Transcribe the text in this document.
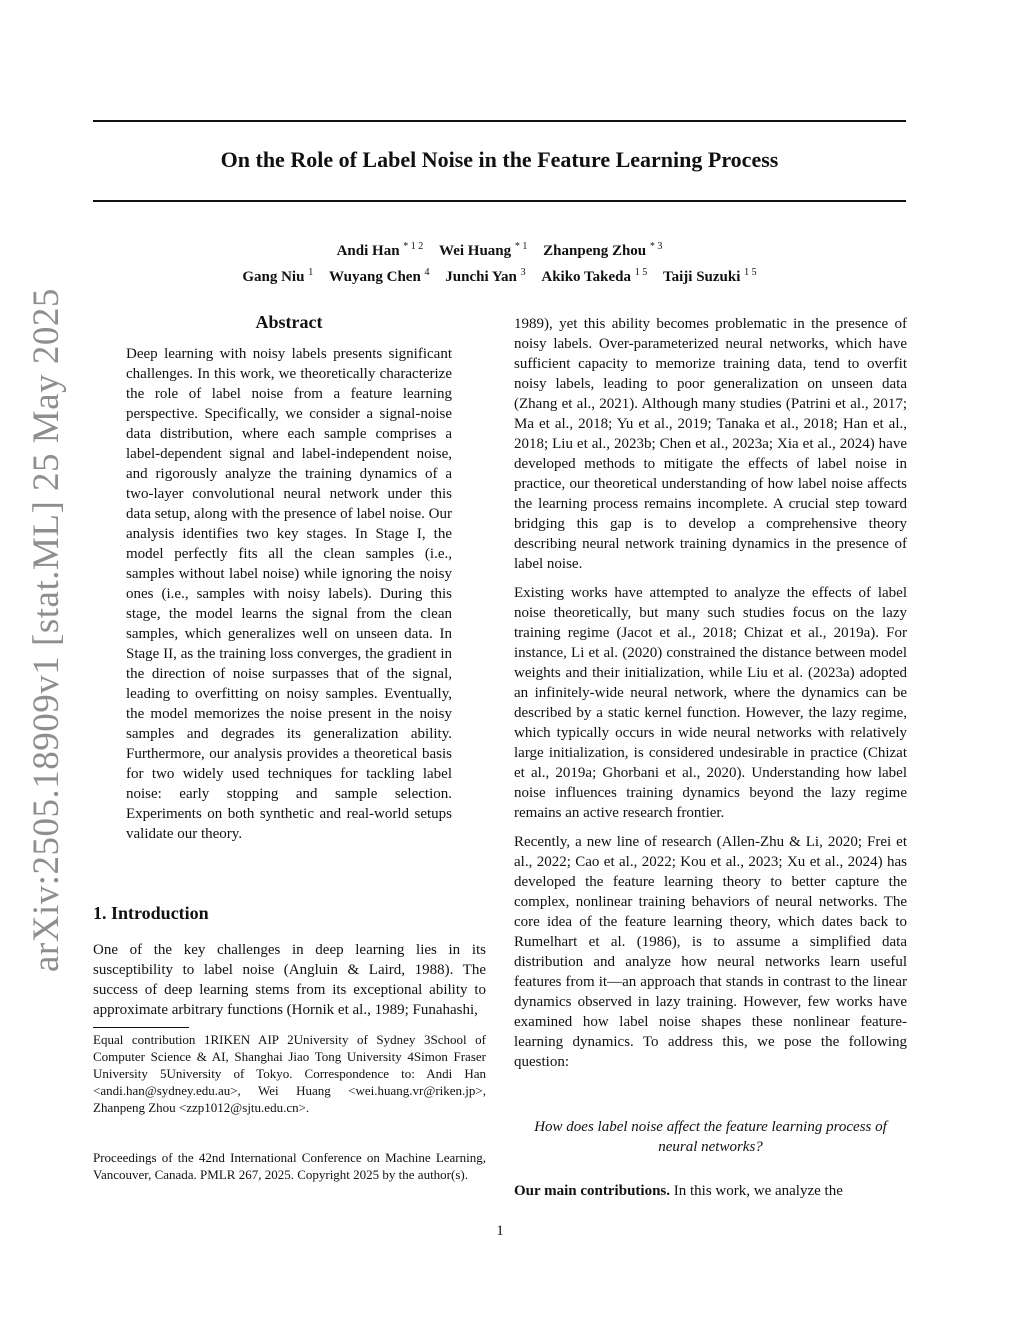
arXiv:2505.18909v1 [stat.ML] 25 May 2025
On the Role of Label Noise in the Feature Learning Process
Andi Han $^{* 1 2}$ Wei Huang $^{* 1}$ Zhanpeng Zhou $^{* 3}$
Gang Niu $^1$ Wuyang Chen $^4$ Junchi Yan $^3$ Akiko Takeda $^{1 5}$ Taiji Suzuki $^{1 5}$
Abstract

Deep learning with noisy labels presents significant challenges. In this work, we theoretically characterize the role of label noise from a feature learning perspective. Specifically, we consider a signal-noise data distribution, where each sample comprises a label-dependent signal and label-independent noise, and rigorously analyze the training dynamics of a two-layer convolutional neural network under this data setup, along with the presence of label noise. Our analysis identifies two key stages. In Stage I, the model perfectly fits all the clean samples (i.e., samples without label noise) while ignoring the noisy ones (i.e., samples with noisy labels). During this stage, the model learns the signal from the clean samples, which generalizes well on unseen data. In Stage II, as the training loss converges, the gradient in the direction of noise surpasses that of the signal, leading to overfitting on noisy samples. Eventually, the model memorizes the noise present in the noisy samples and degrades its generalization ability. Furthermore, our analysis provides a theoretical basis for two widely used techniques for tackling label noise: early stopping and sample selection. Experiments on both synthetic and real-world setups validate our theory.

1. Introduction

One of the key challenges in deep learning lies in its susceptibility to label noise (Angluin & Laird, 1988). The success of deep learning stems from its exceptional ability to approximate arbitrary functions (Hornik et al., 1989; Funahashi,

Equal contribution 1RIKEN AIP 2University of Sydney 3School of Computer Science & AI, Shanghai Jiao Tong University 4Simon Fraser University 5University of Tokyo. Correspondence to: Andi Han <andi.han@sydney.edu.au>, Wei Huang <wei.huang.vr@riken.jp>, Zhanpeng Zhou <zzp1012@sjtu.edu.cn>.
Proceedings of the 42nd International Conference on Machine Learning, Vancouver, Canada. PMLR 267, 2025. Copyright 2025 by the author(s).

1989), yet this ability becomes problematic in the presence of noisy labels. Over-parameterized neural networks, which have sufficient capacity to memorize training data, tend to overfit noisy labels, leading to poor generalization on unseen data (Zhang et al., 2021). Although many studies (Patrini et al., 2017; Ma et al., 2018; Yu et al., 2019; Tanaka et al., 2018; Han et al., 2018; Liu et al., 2023b; Chen et al., 2023a; Xia et al., 2024) have developed methods to mitigate the effects of label noise in practice, our theoretical understanding of how label noise affects the learning process remains incomplete. A crucial step toward bridging this gap is to develop a comprehensive theory describing neural network training dynamics in the presence of label noise.

Existing works have attempted to analyze the effects of label noise theoretically, but many such studies focus on the lazy training regime (Jacot et al., 2018; Chizat et al., 2019a). For instance, Li et al. (2020) constrained the distance between model weights and their initialization, while Liu et al. (2023a) adopted an infinitely-wide neural network, where the dynamics can be described by a static kernel function. However, the lazy regime, which typically occurs in wide neural networks with relatively large initialization, is considered undesirable in practice (Chizat et al., 2019a; Ghorbani et al., 2020). Understanding how label noise influences training dynamics beyond the lazy regime remains an active research frontier.

Recently, a new line of research (Allen-Zhu & Li, 2020; Frei et al., 2022; Cao et al., 2022; Kou et al., 2023; Xu et al., 2024) has developed the feature learning theory to better capture the complex, nonlinear training behaviors of neural networks. The core idea of the feature learning theory, which dates back to Rumelhart et al. (1986), is to assume a simplified data distribution and analyze how neural networks learn useful features from it—an approach that stands in contrast to the linear dynamics observed in lazy training. However, few works have examined how label noise shapes these nonlinear feature-learning dynamics. To address this, we pose the following question:

How does label noise affect the feature learning process of neural networks?
Our main contributions. In this work, we analyze the
1
